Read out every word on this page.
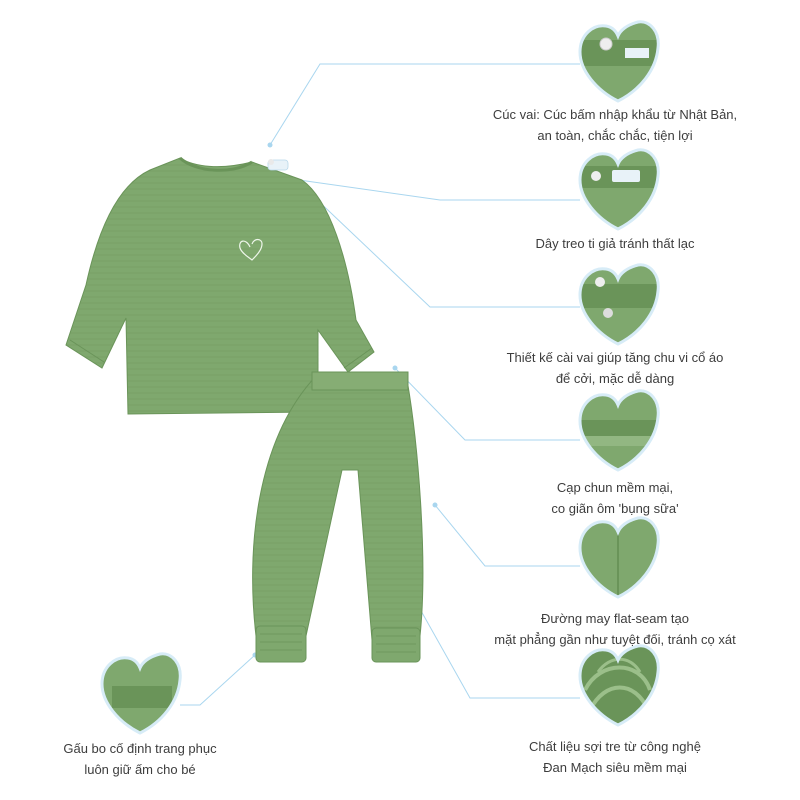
Cúc vai: Cúc bấm nhập khẩu từ Nhật Bản,
an toàn, chắc chắc, tiện lợi
Dây treo ti giả tránh thất lạc
Thiết kế cài vai giúp tăng chu vi cổ áo
để cởi, mặc dễ dàng
Cạp chun mềm mại,
co giãn ôm 'bụng sữa'
Đường may flat-seam tạo
mặt phẳng gần như tuyệt đối, tránh cọ xát
Chất liệu sợi tre từ công nghệ
Đan Mạch siêu mềm mại
Gấu bo cố định trang phục
luôn giữ ấm cho bé
